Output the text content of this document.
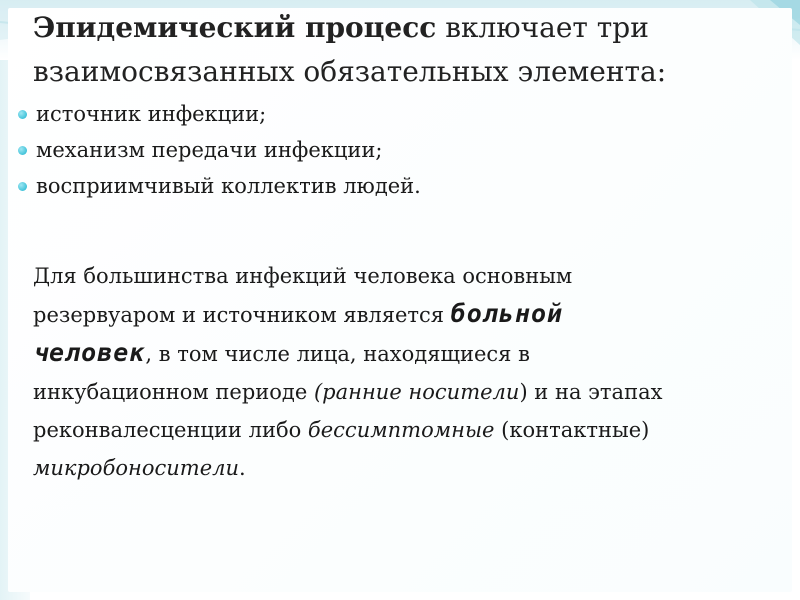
Эпидемический процесс включает три взаимосвязанных обязательных элемента:
источник инфекции;
механизм передачи инфекции;
восприимчивый коллектив людей.
Для большинства инфекций человека основным
резервуаром и источником является больной
человек, в том числе лица, находящиеся в
инкубационном периоде (ранние носители) и на этапах
реконвалесценции либо бессимптомные (контактные)
микробоносители.
